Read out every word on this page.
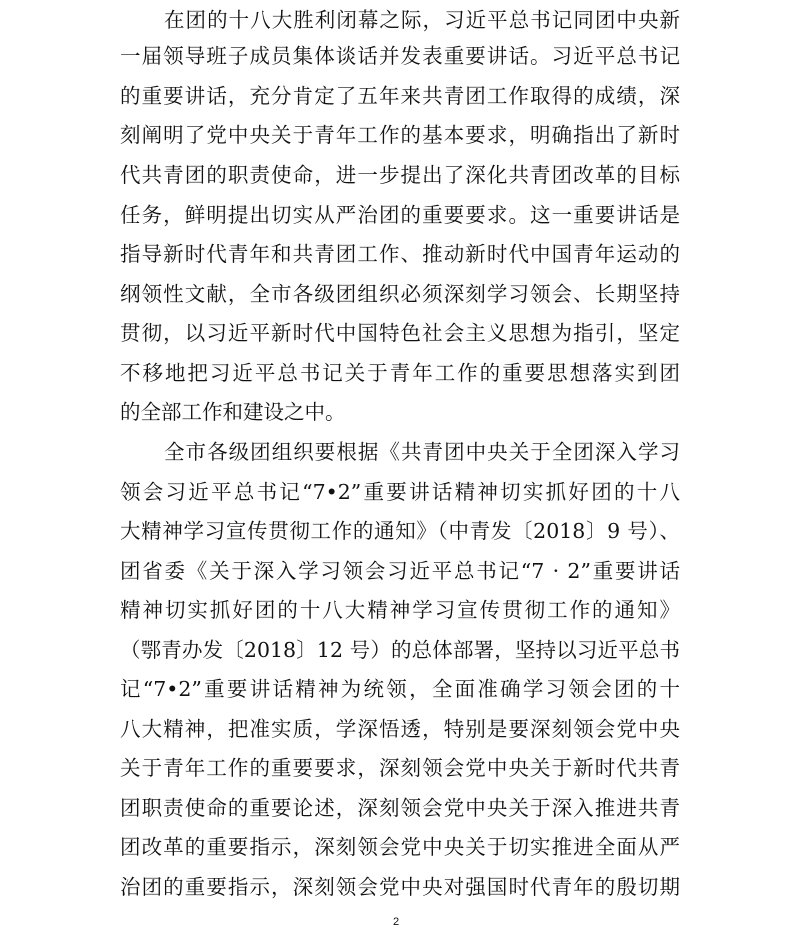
在团的十八大胜利闭幕之际，习近平总书记同团中央新
一届领导班子成员集体谈话并发表重要讲话。习近平总书记
的重要讲话，充分肯定了五年来共青团工作取得的成绩，深
刻阐明了党中央关于青年工作的基本要求，明确指出了新时
代共青团的职责使命，进一步提出了深化共青团改革的目标
任务，鲜明提出切实从严治团的重要要求。这一重要讲话是
指导新时代青年和共青团工作、推动新时代中国青年运动的
纲领性文献，全市各级团组织必须深刻学习领会、长期坚持
贯彻，以习近平新时代中国特色社会主义思想为指引，坚定
不移地把习近平总书记关于青年工作的重要思想落实到团
的全部工作和建设之中。
全市各级团组织要根据《共青团中央关于全团深入学习
领会习近平总书记“7•2”重要讲话精神切实抓好团的十八
大精神学习宣传贯彻工作的通知》（中青发〔2018〕9 号）、
团省委《关于深入学习领会习近平总书记“7 · 2”重要讲话
精神切实抓好团的十八大精神学习宣传贯彻工作的通知》
（鄂青办发〔2018〕12 号）的总体部署，坚持以习近平总书
记“7•2”重要讲话精神为统领，全面准确学习领会团的十
八大精神，把准实质，学深悟透，特别是要深刻领会党中央
关于青年工作的重要要求，深刻领会党中央关于新时代共青
团职责使命的重要论述，深刻领会党中央关于深入推进共青
团改革的重要指示，深刻领会党中央关于切实推进全面从严
治团的重要指示，深刻领会党中央对强国时代青年的殷切期
2
